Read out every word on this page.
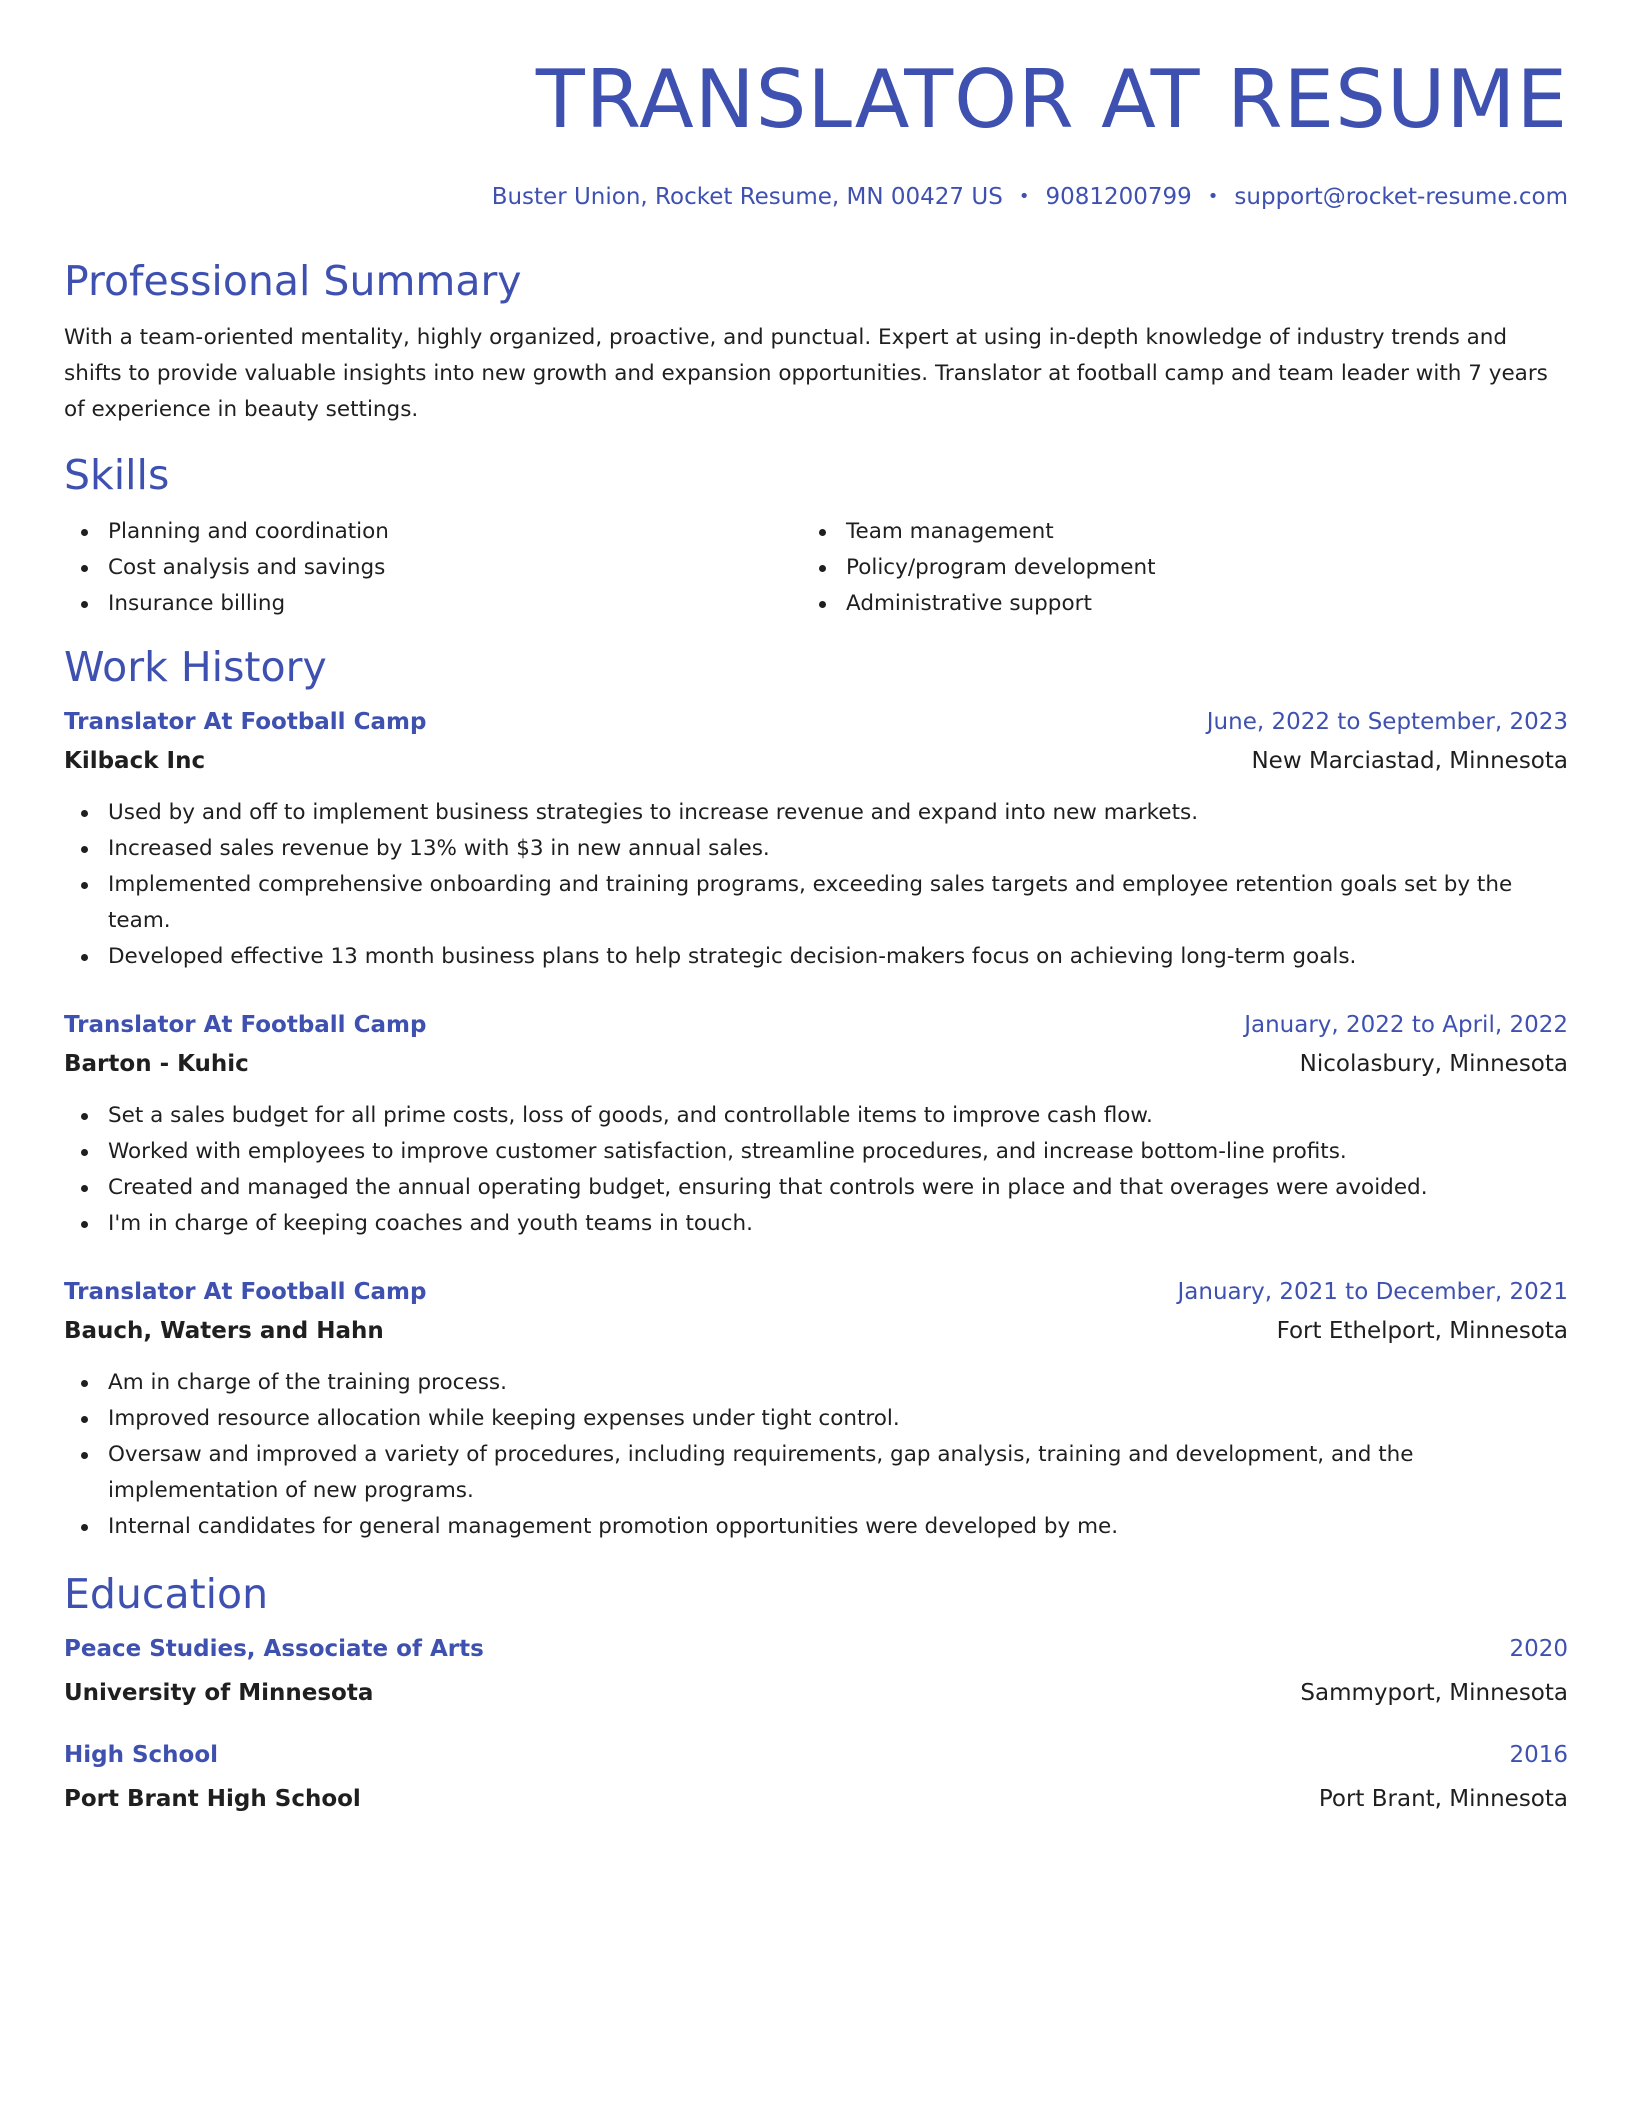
TRANSLATOR AT RESUME
Buster Union, Rocket Resume, MN 00427 US • 9081200799 • support@rocket-resume.com
Professional Summary

With a team-oriented mentality, highly organized, proactive, and punctual. Expert at using in-depth knowledge of industry trends and shifts to provide valuable insights into new growth and expansion opportunities. Translator at football camp and team leader with 7 years of experience in beauty settings.

Skills
Planning and coordination
Cost analysis and savings
Insurance billing
Team management
Policy/program development
Administrative support
Work History
Translator At Football Camp	June, 2022 to September, 2023
Kilback Inc	New Marciastad, Minnesota
Used by and off to implement business strategies to increase revenue and expand into new markets.
Increased sales revenue by 13% with $3 in new annual sales.
Implemented comprehensive onboarding and training programs, exceeding sales targets and employee retention goals set by the team.
Developed effective 13 month business plans to help strategic decision-makers focus on achieving long-term goals.
Translator At Football Camp	January, 2022 to April, 2022
Barton - Kuhic	Nicolasbury, Minnesota
Set a sales budget for all prime costs, loss of goods, and controllable items to improve cash flow.
Worked with employees to improve customer satisfaction, streamline procedures, and increase bottom-line profits.
Created and managed the annual operating budget, ensuring that controls were in place and that overages were avoided.
I'm in charge of keeping coaches and youth teams in touch.
Translator At Football Camp	January, 2021 to December, 2021
Bauch, Waters and Hahn	Fort Ethelport, Minnesota
Am in charge of the training process.
Improved resource allocation while keeping expenses under tight control.
Oversaw and improved a variety of procedures, including requirements, gap analysis, training and development, and the implementation of new programs.
Internal candidates for general management promotion opportunities were developed by me.
Education
Peace Studies, Associate of Arts	2020
University of Minnesota	Sammyport, Minnesota
High School	2016
Port Brant High School	Port Brant, Minnesota
